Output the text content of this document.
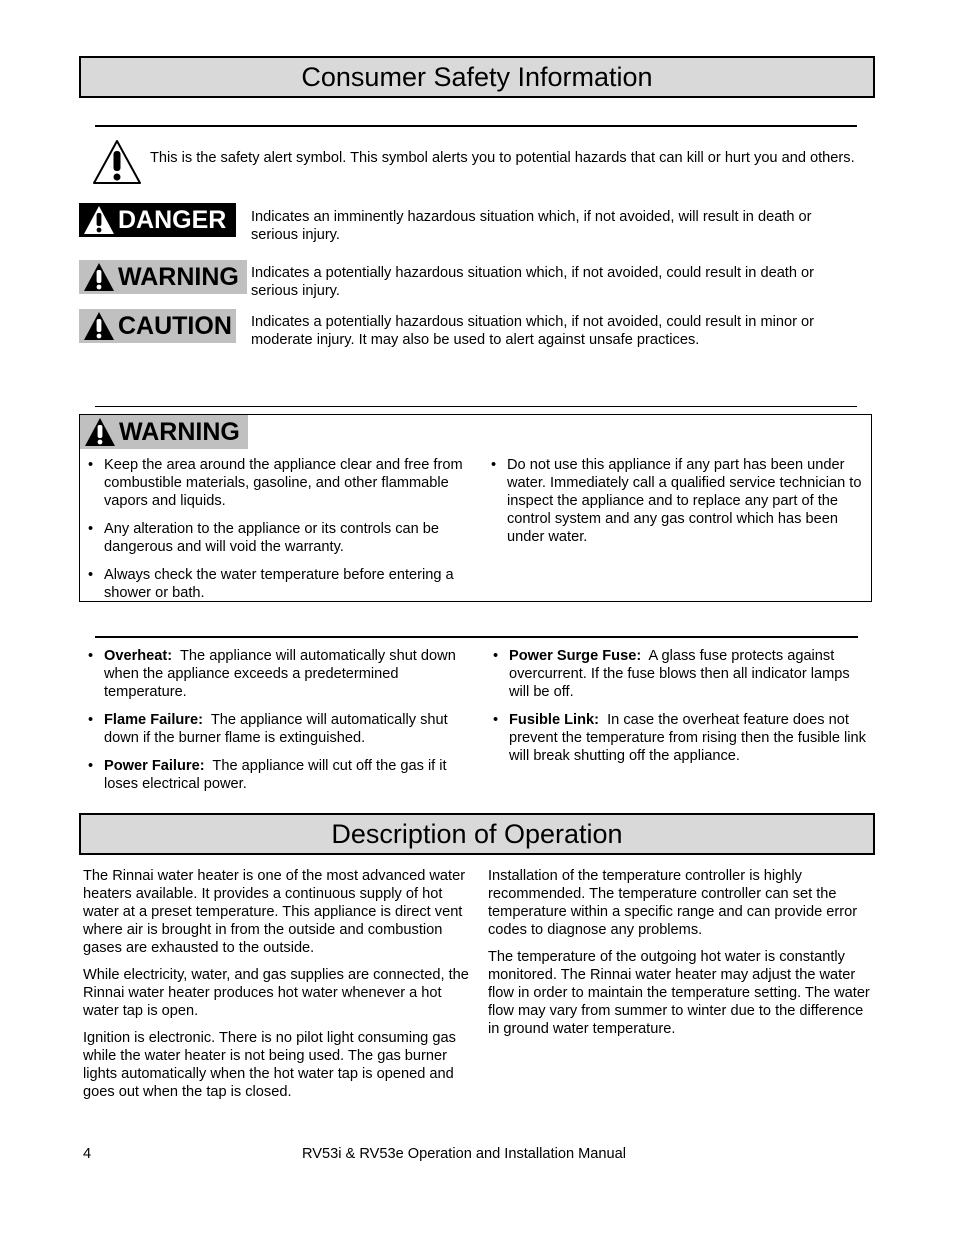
Consumer Safety Information
This is the safety alert symbol. This symbol alerts you to potential hazards that can kill or hurt you and others.
DANGER Indicates an imminently hazardous situation which, if not avoided, will result in death or serious injury.
WARNING Indicates a potentially hazardous situation which, if not avoided, could result in death or serious injury.
CAUTION Indicates a potentially hazardous situation which, if not avoided, could result in minor or moderate injury. It may also be used to alert against unsafe practices.
WARNING
• Keep the area around the appliance clear and free from combustible materials, gasoline, and other flammable vapors and liquids.
• Any alteration to the appliance or its controls can be dangerous and will void the warranty.
• Always check the water temperature before entering a shower or bath.
• Do not use this appliance if any part has been under water. Immediately call a qualified service technician to inspect the appliance and to replace any part of the control system and any gas control which has been under water.
• Overheat: The appliance will automatically shut down when the appliance exceeds a predetermined temperature.
• Flame Failure: The appliance will automatically shut down if the burner flame is extinguished.
• Power Failure: The appliance will cut off the gas if it loses electrical power.
• Power Surge Fuse: A glass fuse protects against overcurrent. If the fuse blows then all indicator lamps will be off.
• Fusible Link: In case the overheat feature does not prevent the temperature from rising then the fusible link will break shutting off the appliance.
Description of Operation

The Rinnai water heater is one of the most advanced water heaters available. It provides a continuous supply of hot water at a preset temperature. This appliance is direct vent where air is brought in from the outside and combustion gases are exhausted to the outside.

While electricity, water, and gas supplies are connected, the Rinnai water heater produces hot water whenever a hot water tap is open.

Ignition is electronic. There is no pilot light consuming gas while the water heater is not being used. The gas burner lights automatically when the hot water tap is opened and goes out when the tap is closed.

Installation of the temperature controller is highly recommended. The temperature controller can set the temperature within a specific range and can provide error codes to diagnose any problems.

The temperature of the outgoing hot water is constantly monitored. The Rinnai water heater may adjust the water flow in order to maintain the temperature setting. The water flow may vary from summer to winter due to the difference in ground water temperature.

4	RV53i & RV53e Operation and Installation Manual
